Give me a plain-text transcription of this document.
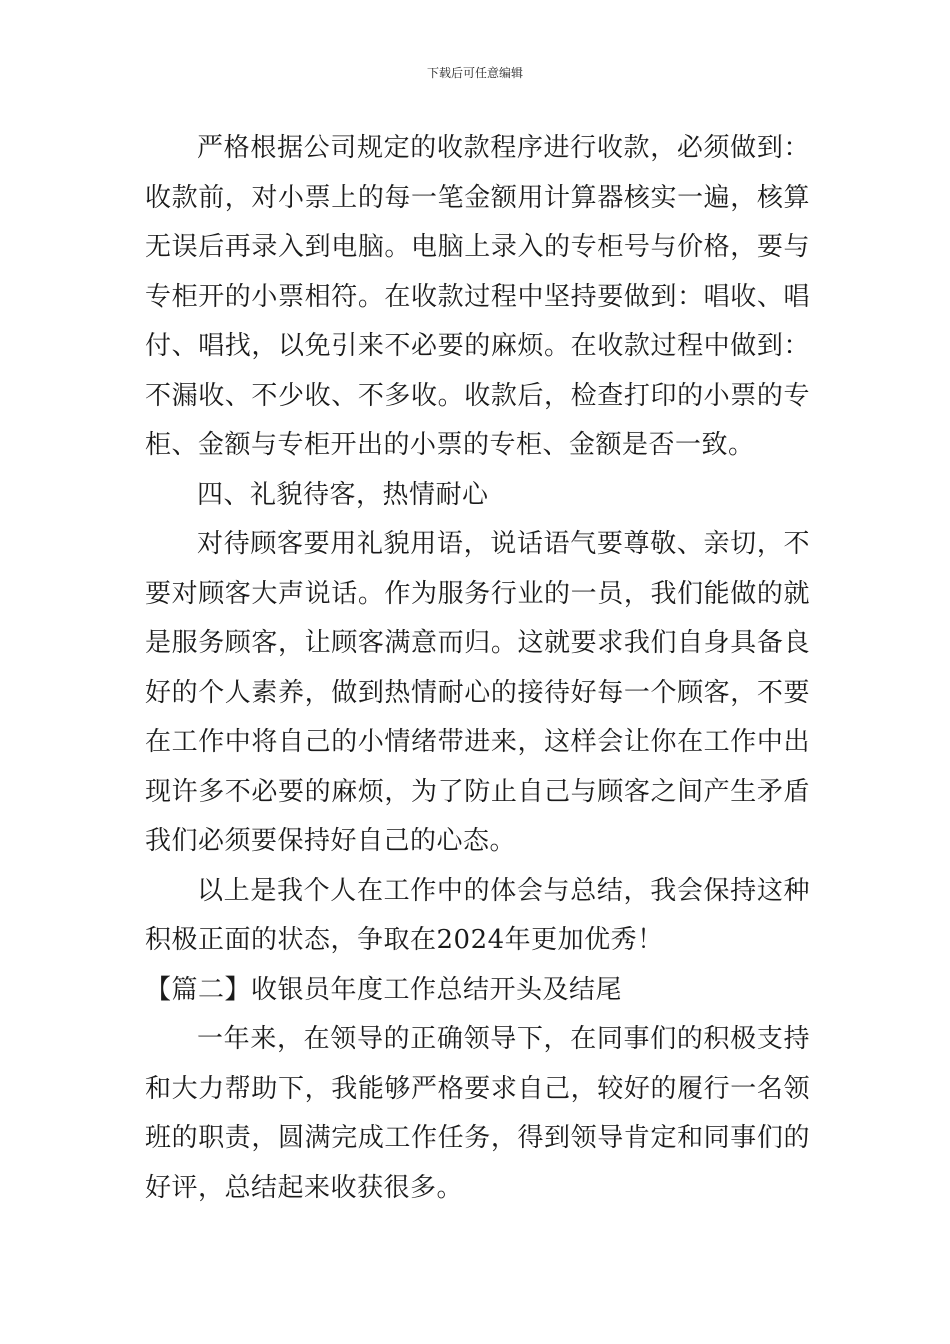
下载后可任意编辑

严格根据公司规定的收款程序进行收款，必须做到：收款前，对小票上的每一笔金额用计算器核实一遍，核算无误后再录入到电脑。电脑上录入的专柜号与价格，要与专柜开的小票相符。在收款过程中坚持要做到：唱收、唱付、唱找，以免引来不必要的麻烦。在收款过程中做到：不漏收、不少收、不多收。收款后，检查打印的小票的专柜、金额与专柜开出的小票的专柜、金额是否一致。

四、礼貌待客，热情耐心

对待顾客要用礼貌用语，说话语气要尊敬、亲切，不要对顾客大声说话。作为服务行业的一员，我们能做的就是服务顾客，让顾客满意而归。这就要求我们自身具备良好的个人素养，做到热情耐心的接待好每一个顾客，不要在工作中将自己的小情绪带进来，这样会让你在工作中出现许多不必要的麻烦，为了防止自己与顾客之间产生矛盾我们必须要保持好自己的心态。

以上是我个人在工作中的体会与总结，我会保持这种积极正面的状态，争取在2024年更加优秀！

【篇二】收银员年度工作总结开头及结尾

一年来，在领导的正确领导下，在同事们的积极支持和大力帮助下，我能够严格要求自己，较好的履行一名领班的职责，圆满完成工作任务，得到领导肯定和同事们的好评，总结起来收获很多。
